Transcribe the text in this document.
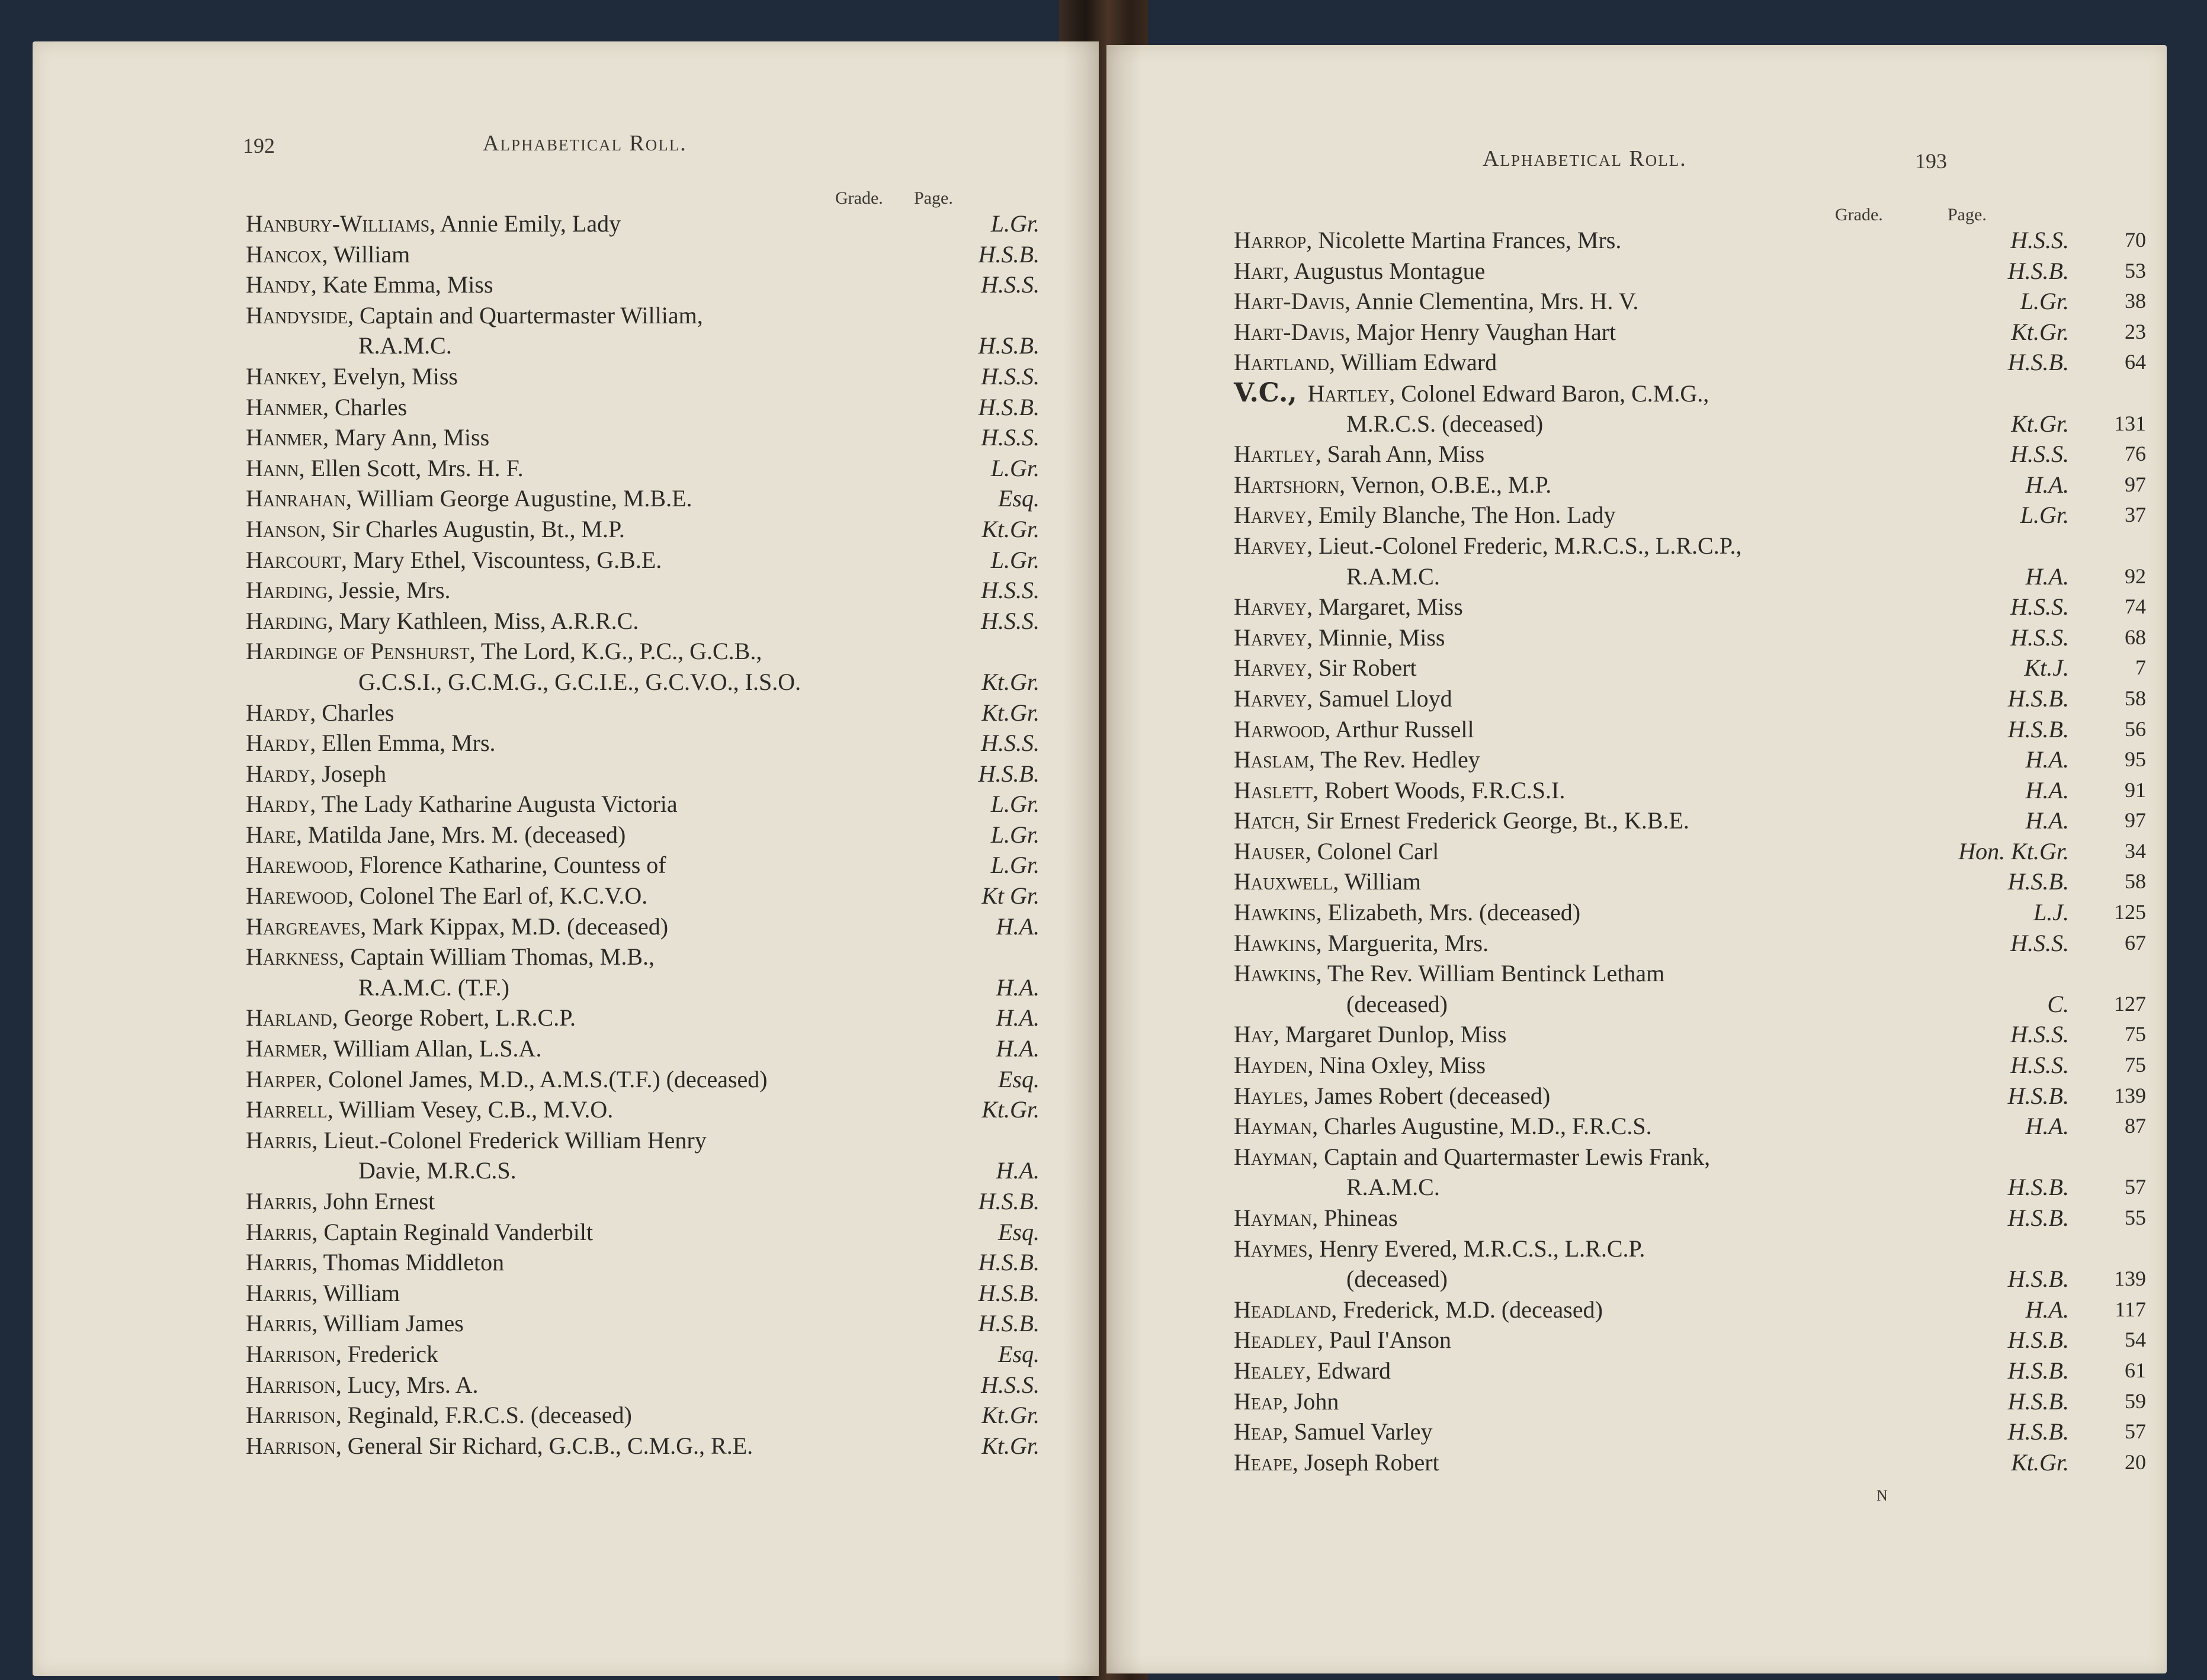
192	Alphabetical Roll.
Grade. Page.
Hanbury-Williams, Annie Emily, Lady	L.Gr.
Hancox, William	H.S.B.
Handy, Kate Emma, Miss	H.S.S.
Handyside, Captain and Quartermaster William,
R.A.M.C.	H.S.B.
Hankey, Evelyn, Miss	H.S.S.
Hanmer, Charles	H.S.B.
Hanmer, Mary Ann, Miss	H.S.S.
Hann, Ellen Scott, Mrs. H. F.	L.Gr.
Hanrahan, William George Augustine, M.B.E.	Esq.
Hanson, Sir Charles Augustin, Bt., M.P.	Kt.Gr.
Harcourt, Mary Ethel, Viscountess, G.B.E.	L.Gr.
Harding, Jessie, Mrs.	H.S.S.
Harding, Mary Kathleen, Miss, A.R.R.C.	H.S.S.
Hardinge of Penshurst, The Lord, K.G., P.C., G.C.B.,
G.C.S.I., G.C.M.G., G.C.I.E., G.C.V.O., I.S.O.	Kt.Gr.
Hardy, Charles	Kt.Gr.
Hardy, Ellen Emma, Mrs.	H.S.S.
Hardy, Joseph	H.S.B.
Hardy, The Lady Katharine Augusta Victoria	L.Gr.
Hare, Matilda Jane, Mrs. M. (deceased)	L.Gr.
Harewood, Florence Katharine, Countess of	L.Gr.
Harewood, Colonel The Earl of, K.C.V.O.	Kt Gr.
Hargreaves, Mark Kippax, M.D. (deceased)	H.A.
Harkness, Captain William Thomas, M.B.,
R.A.M.C. (T.F.)	H.A.
Harland, George Robert, L.R.C.P.	H.A.
Harmer, William Allan, L.S.A.	H.A.
Harper, Colonel James, M.D., A.M.S.(T.F.) (deceased)	Esq.
Harrell, William Vesey, C.B., M.V.O.	Kt.Gr.
Harris, Lieut.-Colonel Frederick William Henry
Davie, M.R.C.S.	H.A.
Harris, John Ernest	H.S.B.
Harris, Captain Reginald Vanderbilt	Esq.
Harris, Thomas Middleton	H.S.B.
Harris, William	H.S.B.
Harris, William James	H.S.B.
Harrison, Frederick	Esq.
Harrison, Lucy, Mrs. A.	H.S.S.
Harrison, Reginald, F.R.C.S. (deceased)	Kt.Gr.
Harrison, General Sir Richard, G.C.B., C.M.G., R.E.	Kt.Gr.
Alphabetical Roll.	193
Grade.	Page.
Harrop, Nicolette Martina Frances, Mrs.	H.S.S.	70
Hart, Augustus Montague	H.S.B.	53
Hart-Davis, Annie Clementina, Mrs. H. V.	L.Gr.	38
Hart-Davis, Major Henry Vaughan Hart	Kt.Gr.	23
Hartland, William Edward	H.S.B.	64
V.C., Hartley, Colonel Edward Baron, C.M.G.,
M.R.C.S. (deceased)	Kt.Gr.	131
Hartley, Sarah Ann, Miss	H.S.S.	76
Hartshorn, Vernon, O.B.E., M.P.	H.A.	97
Harvey, Emily Blanche, The Hon. Lady	L.Gr.	37
Harvey, Lieut.-Colonel Frederic, M.R.C.S., L.R.C.P.,
R.A.M.C.	H.A.	92
Harvey, Margaret, Miss	H.S.S.	74
Harvey, Minnie, Miss	H.S.S.	68
Harvey, Sir Robert	Kt.J.	7
Harvey, Samuel Lloyd	H.S.B.	58
Harwood, Arthur Russell	H.S.B.	56
Haslam, The Rev. Hedley	H.A.	95
Haslett, Robert Woods, F.R.C.S.I.	H.A.	91
Hatch, Sir Ernest Frederick George, Bt., K.B.E.	H.A.	97
Hauser, Colonel Carl	Hon. Kt.Gr.	34
Hauxwell, William	H.S.B.	58
Hawkins, Elizabeth, Mrs. (deceased)	L.J.	125
Hawkins, Marguerita, Mrs.	H.S.S.	67
Hawkins, The Rev. William Bentinck Letham
(deceased)	C.	127
Hay, Margaret Dunlop, Miss	H.S.S.	75
Hayden, Nina Oxley, Miss	H.S.S.	75
Hayles, James Robert (deceased)	H.S.B.	139
Hayman, Charles Augustine, M.D., F.R.C.S.	H.A.	87
Hayman, Captain and Quartermaster Lewis Frank,
R.A.M.C.	H.S.B.	57
Hayman, Phineas	H.S.B.	55
Haymes, Henry Evered, M.R.C.S., L.R.C.P.
(deceased)	H.S.B.	139
Headland, Frederick, M.D. (deceased)	H.A.	117
Headley, Paul I'Anson	H.S.B.	54
Healey, Edward	H.S.B.	61
Heap, John	H.S.B.	59
Heap, Samuel Varley	H.S.B.	57
Heape, Joseph Robert	Kt.Gr.	20
N
